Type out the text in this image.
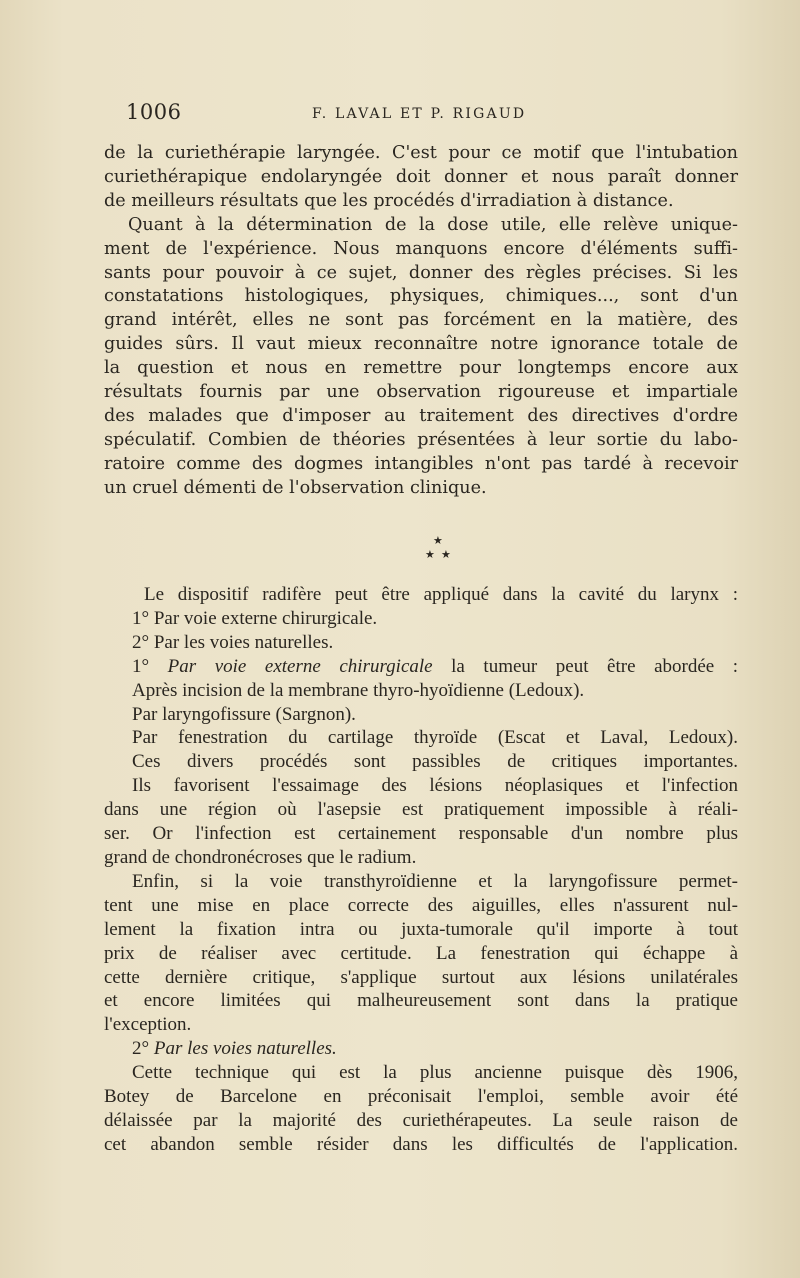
1006	F. LAVAL ET P. RIGAUD
de la curiethérapie laryngée. C'est pour ce motif que l'intubation
curiethérapique endolaryngée doit donner et nous paraît donner
de meilleurs résultats que les procédés d'irradiation à distance.
Quant à la détermination de la dose utile, elle relève unique-
ment de l'expérience. Nous manquons encore d'éléments suffi-
sants pour pouvoir à ce sujet, donner des règles précises. Si les
constatations histologiques, physiques, chimiques..., sont d'un
grand intérêt, elles ne sont pas forcément en la matière, des
guides sûrs. Il vaut mieux reconnaître notre ignorance totale de
la question et nous en remettre pour longtemps encore aux
résultats fournis par une observation rigoureuse et impartiale
des malades que d'imposer au traitement des directives d'ordre
spéculatif. Combien de théories présentées à leur sortie du labo-
ratoire comme des dogmes intangibles n'ont pas tardé à recevoir
un cruel démenti de l'observation clinique.
★
★ ★
Le dispositif radifère peut être appliqué dans la cavité du larynx :
1° Par voie externe chirurgicale.
2° Par les voies naturelles.
1° Par voie externe chirurgicale la tumeur peut être abordée :
Après incision de la membrane thyro-hyoïdienne (Ledoux).
Par laryngofissure (Sargnon).
Par fenestration du cartilage thyroïde (Escat et Laval, Ledoux).
Ces divers procédés sont passibles de critiques importantes.
Ils favorisent l'essaimage des lésions néoplasiques et l'infection
dans une région où l'asepsie est pratiquement impossible à réali-
ser. Or l'infection est certainement responsable d'un nombre plus
grand de chondronécroses que le radium.
Enfin, si la voie transthyroïdienne et la laryngofissure permet-
tent une mise en place correcte des aiguilles, elles n'assurent nul-
lement la fixation intra ou juxta-tumorale qu'il importe à tout
prix de réaliser avec certitude. La fenestration qui échappe à
cette dernière critique, s'applique surtout aux lésions unilatérales
et encore limitées qui malheureusement sont dans la pratique
l'exception.
2° Par les voies naturelles.
Cette technique qui est la plus ancienne puisque dès 1906,
Botey de Barcelone en préconisait l'emploi, semble avoir été
délaissée par la majorité des curiethérapeutes. La seule raison de
cet abandon semble résider dans les difficultés de l'application.
